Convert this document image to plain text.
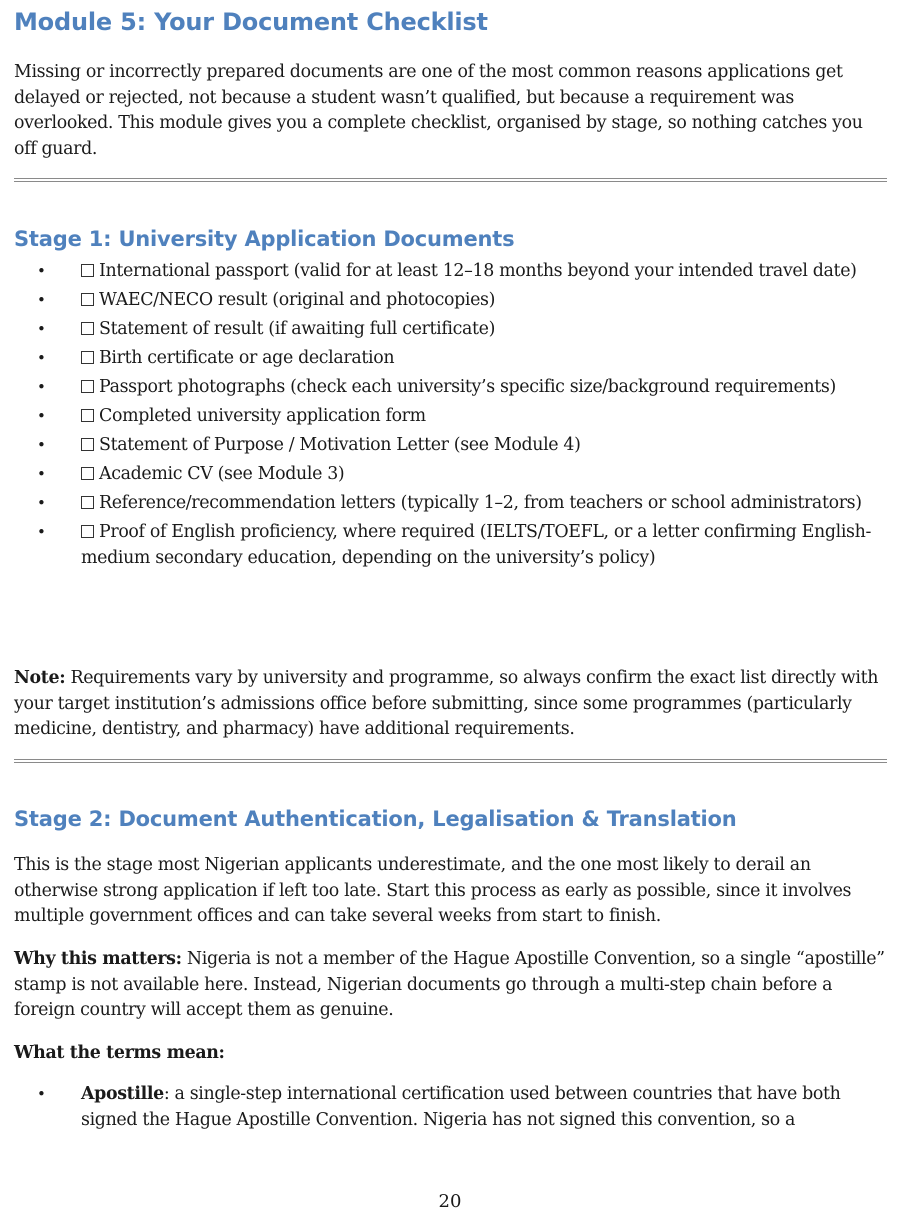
Module 5: Your Document Checklist

Missing or incorrectly prepared documents are one of the most common reasons applications get delayed or rejected, not because a student wasn’t qualified, but because a requirement was overlooked. This module gives you a complete checklist, organised by stage, so nothing catches you off guard.

Stage 1: University Application Documents
•	International passport (valid for at least 12–18 months beyond your intended travel date)
•	WAEC/NECO result (original and photocopies)
•	Statement of result (if awaiting full certificate)
•	Birth certificate or age declaration
•	Passport photographs (check each university’s specific size/background requirements)
•	Completed university application form
•	Statement of Purpose / Motivation Letter (see Module 4)
•	Academic CV (see Module 3)
•	Reference/recommendation letters (typically 1–2, from teachers or school administrators)
•	Proof of English proficiency, where required (IELTS/TOEFL, or a letter confirming English-medium secondary education, depending on the university’s policy)

Note: Requirements vary by university and programme, so always confirm the exact list directly with your target institution’s admissions office before submitting, since some programmes (particularly medicine, dentistry, and pharmacy) have additional requirements.

Stage 2: Document Authentication, Legalisation & Translation

This is the stage most Nigerian applicants underestimate, and the one most likely to derail an otherwise strong application if left too late. Start this process as early as possible, since it involves multiple government offices and can take several weeks from start to finish.

Why this matters: Nigeria is not a member of the Hague Apostille Convention, so a single “apostille” stamp is not available here. Instead, Nigerian documents go through a multi-step chain before a foreign country will accept them as genuine.

What the terms mean:

• Apostille: a single-step international certification used between countries that have both signed the Hague Apostille Convention. Nigeria has not signed this convention, so a
20
